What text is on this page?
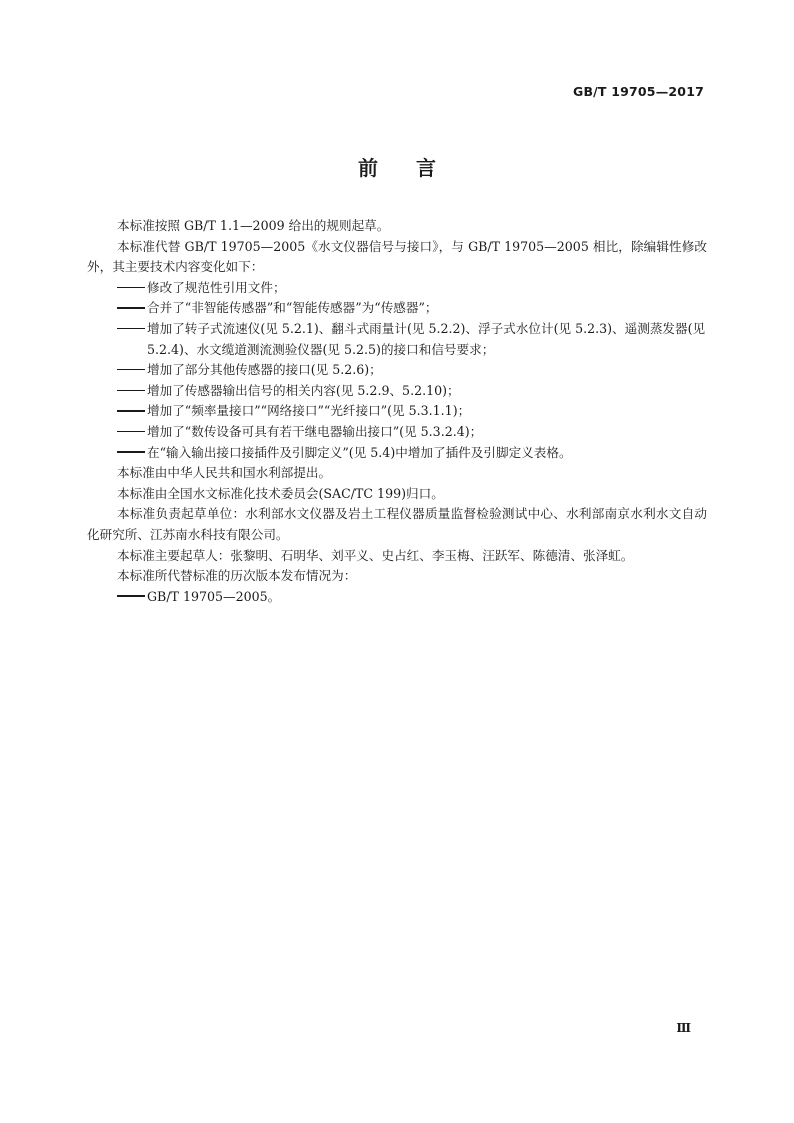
GB/T 19705—2017
前言

本标准按照 GB/T 1.1—2009 给出的规则起草。

本标准代替 GB/T 19705—2005《水文仪器信号与接口》，与 GB/T 19705—2005 相比，除编辑性修改外，其主要技术内容变化如下：

修改了规范性引用文件；

合并了“非智能传感器”和“智能传感器”为“传感器”；

增加了转子式流速仪(见 5.2.1)、翻斗式雨量计(见 5.2.2)、浮子式水位计(见 5.2.3)、遥测蒸发器(见 5.2.4)、水文缆道测流测验仪器(见 5.2.5)的接口和信号要求；

增加了部分其他传感器的接口(见 5.2.6)；

增加了传感器输出信号的相关内容(见 5.2.9、5.2.10)；

增加了“频率量接口”“网络接口”“光纤接口”(见 5.3.1.1)；

增加了“数传设备可具有若干继电器输出接口”(见 5.3.2.4)；

在“输入输出接口接插件及引脚定义”(见 5.4)中增加了插件及引脚定义表格。

本标准由中华人民共和国水利部提出。

本标准由全国水文标准化技术委员会(SAC/TC 199)归口。

本标准负责起草单位：水利部水文仪器及岩土工程仪器质量监督检验测试中心、水利部南京水利水文自动化研究所、江苏南水科技有限公司。

本标准主要起草人：张黎明、石明华、刘平义、史占红、李玉梅、汪跃军、陈德清、张泽虹。

本标准所代替标准的历次版本发布情况为：

GB/T 19705—2005。

Ⅲ
